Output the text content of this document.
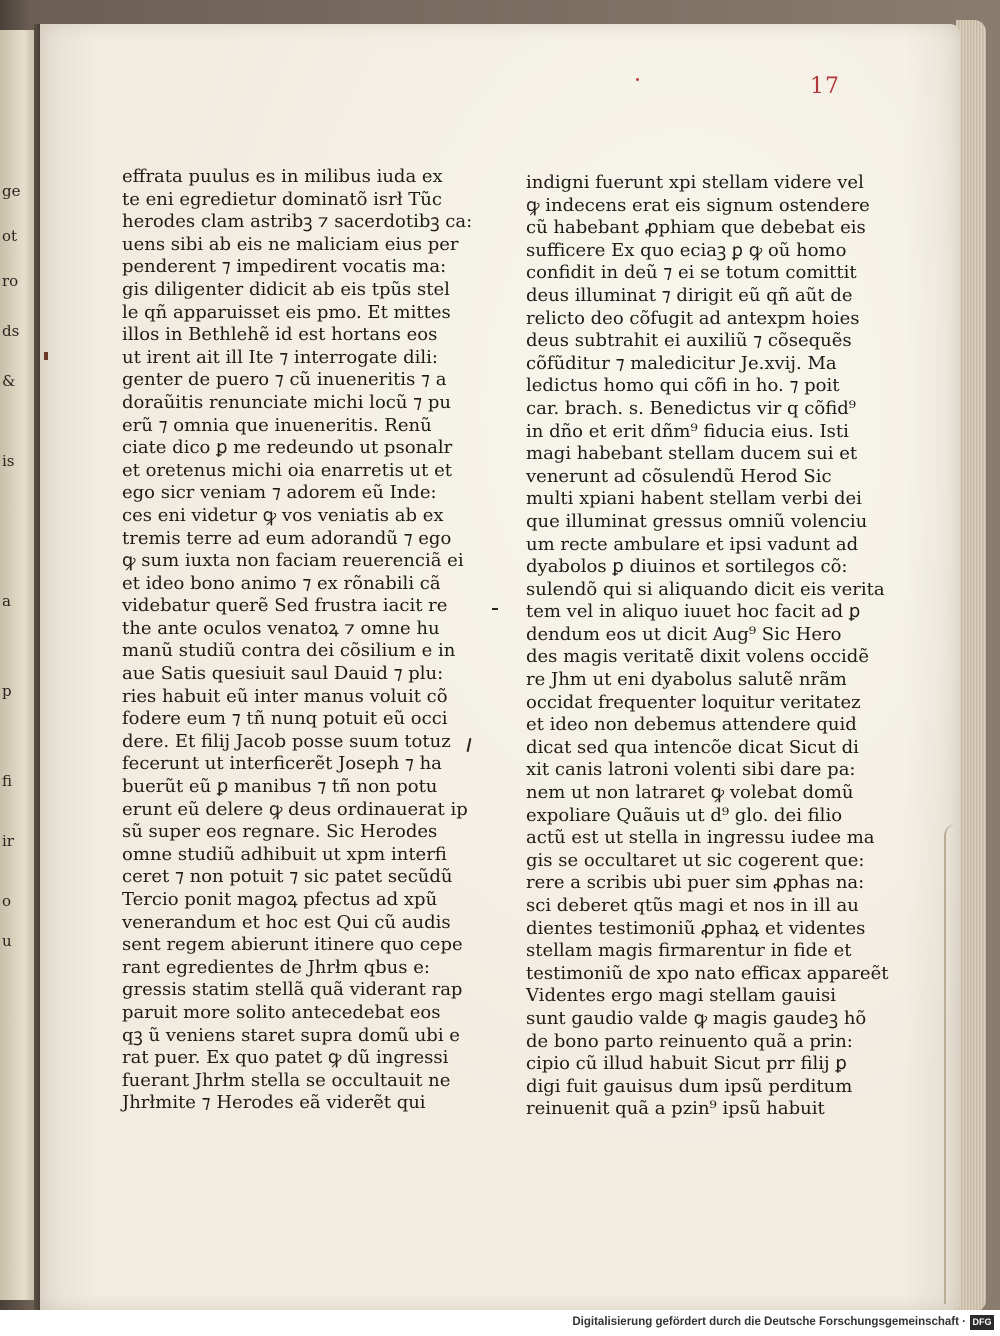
ge
ot
ro
ds
&
is
a
p
fi
ir
o
u
17
effrata puulus es in milibus iuda ex
te eni egredietur dominatõ isrł Tũc
herodes clam astribꝫ ⁊ sacerdotibꝫ ca:
uens sibi ab eis ne maliciam eius per
penderent ⁊ impedirent vocatis ma:
gis diligenter didicit ab eis tpũs stel
le qñ apparuisset eis pmo. Et mittes
illos in Bethlehẽ id est hortans eos
ut irent ait ill Ite ⁊ interrogate dili:
genter de puero ⁊ cũ inueneritis ⁊ a
doraũitis renunciate michi locũ ⁊ pu
erũ ⁊ omnia que inueneritis. Renũ
ciate dico ꝑ me redeundo ut psonalr
et oretenus michi oia enarretis ut et
ego sicr veniam ⁊ adorem eũ Inde:
ces eni videtur ꝙ vos veniatis ab ex
tremis terre ad eum adorandũ ⁊ ego
ꝙ sum iuxta non faciam reuerenciã ei
et ideo bono animo ⁊ ex rõnabili cã
videbatur querẽ Sed frustra iacit re
the ante oculos venatoꝝ ⁊ omne hu
manũ studiũ contra dei cõsilium e in
aue Satis quesiuit saul Dauid ⁊ plu:
ries habuit eũ inter manus voluit cõ
fodere eum ⁊ tñ nunq potuit eũ occi
dere. Et filij Jacob posse suum totuz
fecerunt ut interficerẽt Joseph ⁊ ha
buerũt eũ ꝑ manibus ⁊ tñ non potu
erunt eũ delere ꝙ deus ordinauerat ip
sũ super eos regnare. Sic Herodes
omne studiũ adhibuit ut xpm interfi
ceret ⁊ non potuit ⁊ sic patet secũdũ
Tercio ponit magoꝝ pfectus ad xpũ
venerandum et hoc est Qui cũ audis
sent regem abierunt itinere quo cepe
rant egredientes de Jhrłm qbus e:
gressis statim stellã quã viderant rap
paruit more solito antecedebat eos
qꝫ ũ veniens staret supra domũ ubi e
rat puer. Ex quo patet ꝙ dũ ingressi
fuerant Jhrłm stella se occultauit ne
Jhrłmite ⁊ Herodes eã viderẽt qui
indigni fuerunt xpi stellam videre vel
ꝙ indecens erat eis signum ostendere
cũ habebant ꝓphiam que debebat eis
sufficere Ex quo eciaꝫ ꝑ ꝙ oũ homo
confidit in deũ ⁊ ei se totum comittit
deus illuminat ⁊ dirigit eũ qñ aũt de
relicto deo cõfugit ad antexpm hoies
deus subtrahit ei auxiliũ ⁊ cõsequẽs
cõfũditur ⁊ maledicitur Je.xvij. Ma
ledictus homo qui cõfi in ho. ⁊ poit
car. brach. s. Benedictus vir q cõfid⁹
in dño et erit dñm⁹ fiducia eius. Isti
magi habebant stellam ducem sui et
venerunt ad cõsulendũ Herod Sic
multi xpiani habent stellam verbi dei
que illuminat gressus omniũ volenciu
um recte ambulare et ipsi vadunt ad
dyabolos ꝑ diuinos et sortilegos cõ:
sulendõ qui si aliquando dicit eis verita
tem vel in aliquo iuuet hoc facit ad ꝑ
dendum eos ut dicit Aug⁹ Sic Hero
des magis veritatẽ dixit volens occidẽ
re Jhm ut eni dyabolus salutẽ nrãm
occidat frequenter loquitur veritatez
et ideo non debemus attendere quid
dicat sed qua intencõe dicat Sicut di
xit canis latroni volenti sibi dare pa:
nem ut non latraret ꝙ volebat domũ
expoliare Quãuis ut d⁹ glo. dei filio
actũ est ut stella in ingressu iudee ma
gis se occultaret ut sic cogerent que:
rere a scribis ubi puer sim ꝓphas na:
sci deberet qtũs magi et nos in ill au
dientes testimoniũ ꝓphaꝝ et videntes
stellam magis firmarentur in fide et
testimoniũ de xpo nato efficax appareẽt
Videntes ergo magi stellam gauisi
sunt gaudio valde ꝙ magis gaudeꝫ hõ
de bono parto reinuento quã a prin:
cipio cũ illud habuit Sicut prr filij ꝑ
digi fuit gauisus dum ipsũ perditum
reinuenit quã a pzin⁹ ipsũ habuit
Digitalisierung gefördert durch die Deutsche Forschungsgemeinschaft · DFG
